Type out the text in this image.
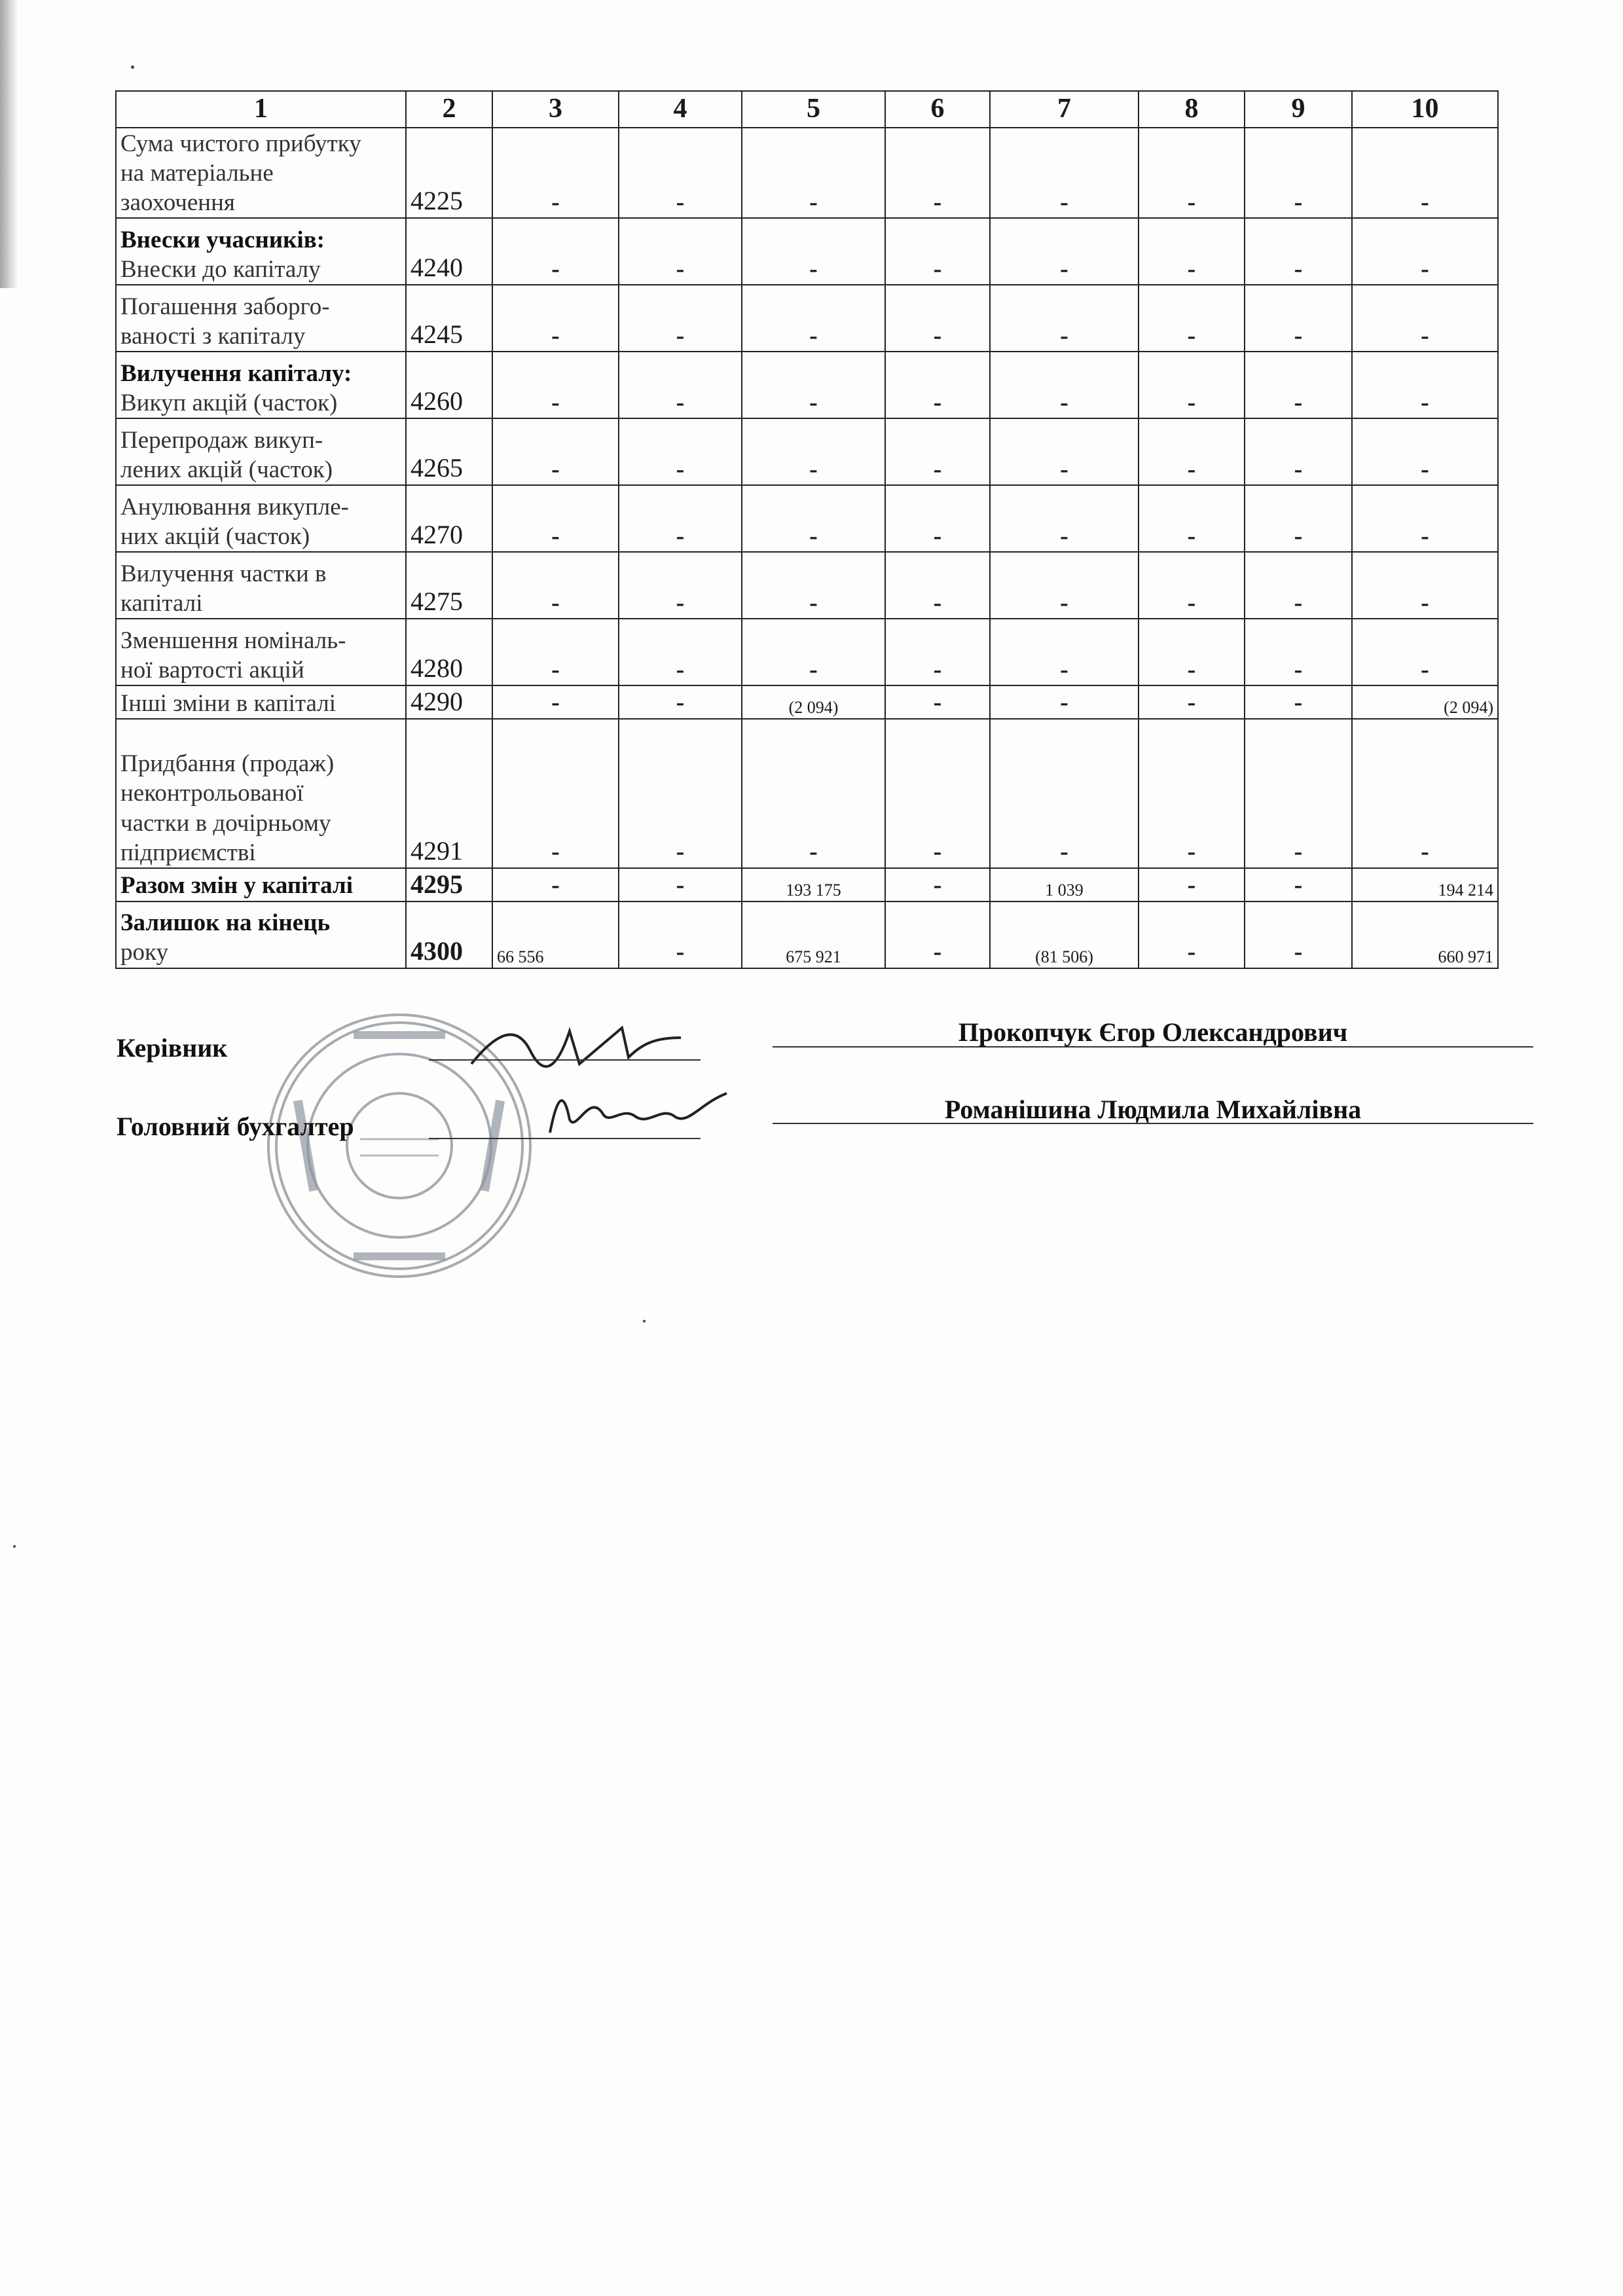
1	2	3	4	5	6	7	8	9	10

Сума чистого прибутку
на матеріальне
заохочення	4225	-	-	-	-	-	-	-	-

Внески учасників:
Внески до капіталу	4240	-	-	-	-	-	-	-	-

Погашення заборго-
ваності з капіталу	4245	-	-	-	-	-	-	-	-

Вилучення капіталу:
Викуп акцій (часток)	4260	-	-	-	-	-	-	-	-

Перепродаж викуп-
лених акцій (часток)	4265	-	-	-	-	-	-	-	-

Анулювання викупле-
них акцій (часток)	4270	-	-	-	-	-	-	-	-

Вилучення частки в
капіталі	4275	-	-	-	-	-	-	-	-

Зменшення номіналь-
ної вартості акцій	4280	-	-	-	-	-	-	-	-

Інші зміни в капіталі	4290	-	-	(2 094)	-	-	-	-	(2 094)

Придбання (продаж)
неконтрольованої
частки в дочірньому
підприємстві	4291	-	-	-	-	-	-	-	-

Разом змін у капіталі	4295	-	-	193 175	-	1 039	-	-	194 214

Залишок на кінець
року	4300	66 556	-	675 921	-	(81 506)	-	-	660 971
Керівник
Прокопчук Єгор Олександрович
Головний бухгалтер
Романішина Людмила Михайлівна
